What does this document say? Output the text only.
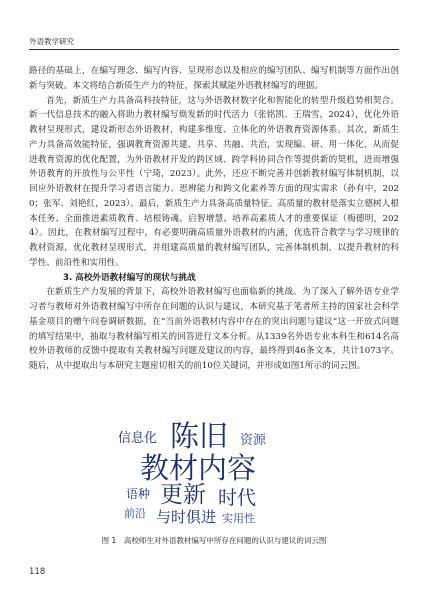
外语教学研究

路径的基础上，在编写理念、编写内容、呈现形态以及相应的编写团队、编写机制等方面作出创新与突破。本文将结合新质生产力的特征，探索其赋能外语教材编写的理据。

首先，新质生产力具备高科技特征，这与外语教材数字化和智能化的转型升级趋势相契合。新一代信息技术的融入将助力教材编写焕发新的时代活力（张铭凯、王瑞雪，2024），优化外语教材呈现形式，建设新形态外语教材，构建多维度、立体化的外语教育资源体系。其次，新质生产力具备高效能特征，强调教育资源共建、共享、共融、共治，实现编、研、用一体化，从而促进教育资源的优化配置，为外语教材开发的跨区域、跨学科协同合作等提供新的契机，进而增强外语教育的开放性与公平性（宁琦，2023）。此外，还应不断完善并创新教材编写体制机制，以回应外语教材在提升学习者语言能力、思辨能力和跨文化素养等方面的现实需求（孙有中，2020；张军、刘艳红，2023）。最后，新质生产力具备高质量特征。高质量的教材是落实立德树人根本任务、全面推进素质教育、培根铸魂、启智增慧、培养高素质人才的重要保证（梅德明，2024）。因此，在教材编写过程中，有必要明确高质量外语教材的内涵，优选符合教学与学习规律的教材资源，优化教材呈现形式，并组建高质量的教材编写团队，完善体制机制，以提升教材的科学性、前沿性和实用性。

3. 高校外语教材编写的现状与挑战

在新质生产力发展的背景下，高校外语教材编写也面临新的挑战。为了深入了解外语专业学习者与教师对外语教材编写中所存在问题的认识与建议，本研究基于笔者所主持的国家社会科学基金项目的赠午问卷调研数据，在“当前外语教材内容中存在的突出问题与建议”这一开放式问题的填写结果中，抽取与教材编写相关的回答进行文本分析。从1339名外语专业本科生和614名高校外语教师的反馈中提取有关教材编写问题及建议的内容，最终得到46条文本，共计1073字。随后，从中提取出与本研究主题密切相关的前10位关键词，并形成如图1所示的词云图。

信息化 陈旧 资源
教材内容
语种 更新 时代
前沿 与时俱进 实用性
图 1　高校师生对外语教材编写中所存在问题的认识与建议的词云图
118
